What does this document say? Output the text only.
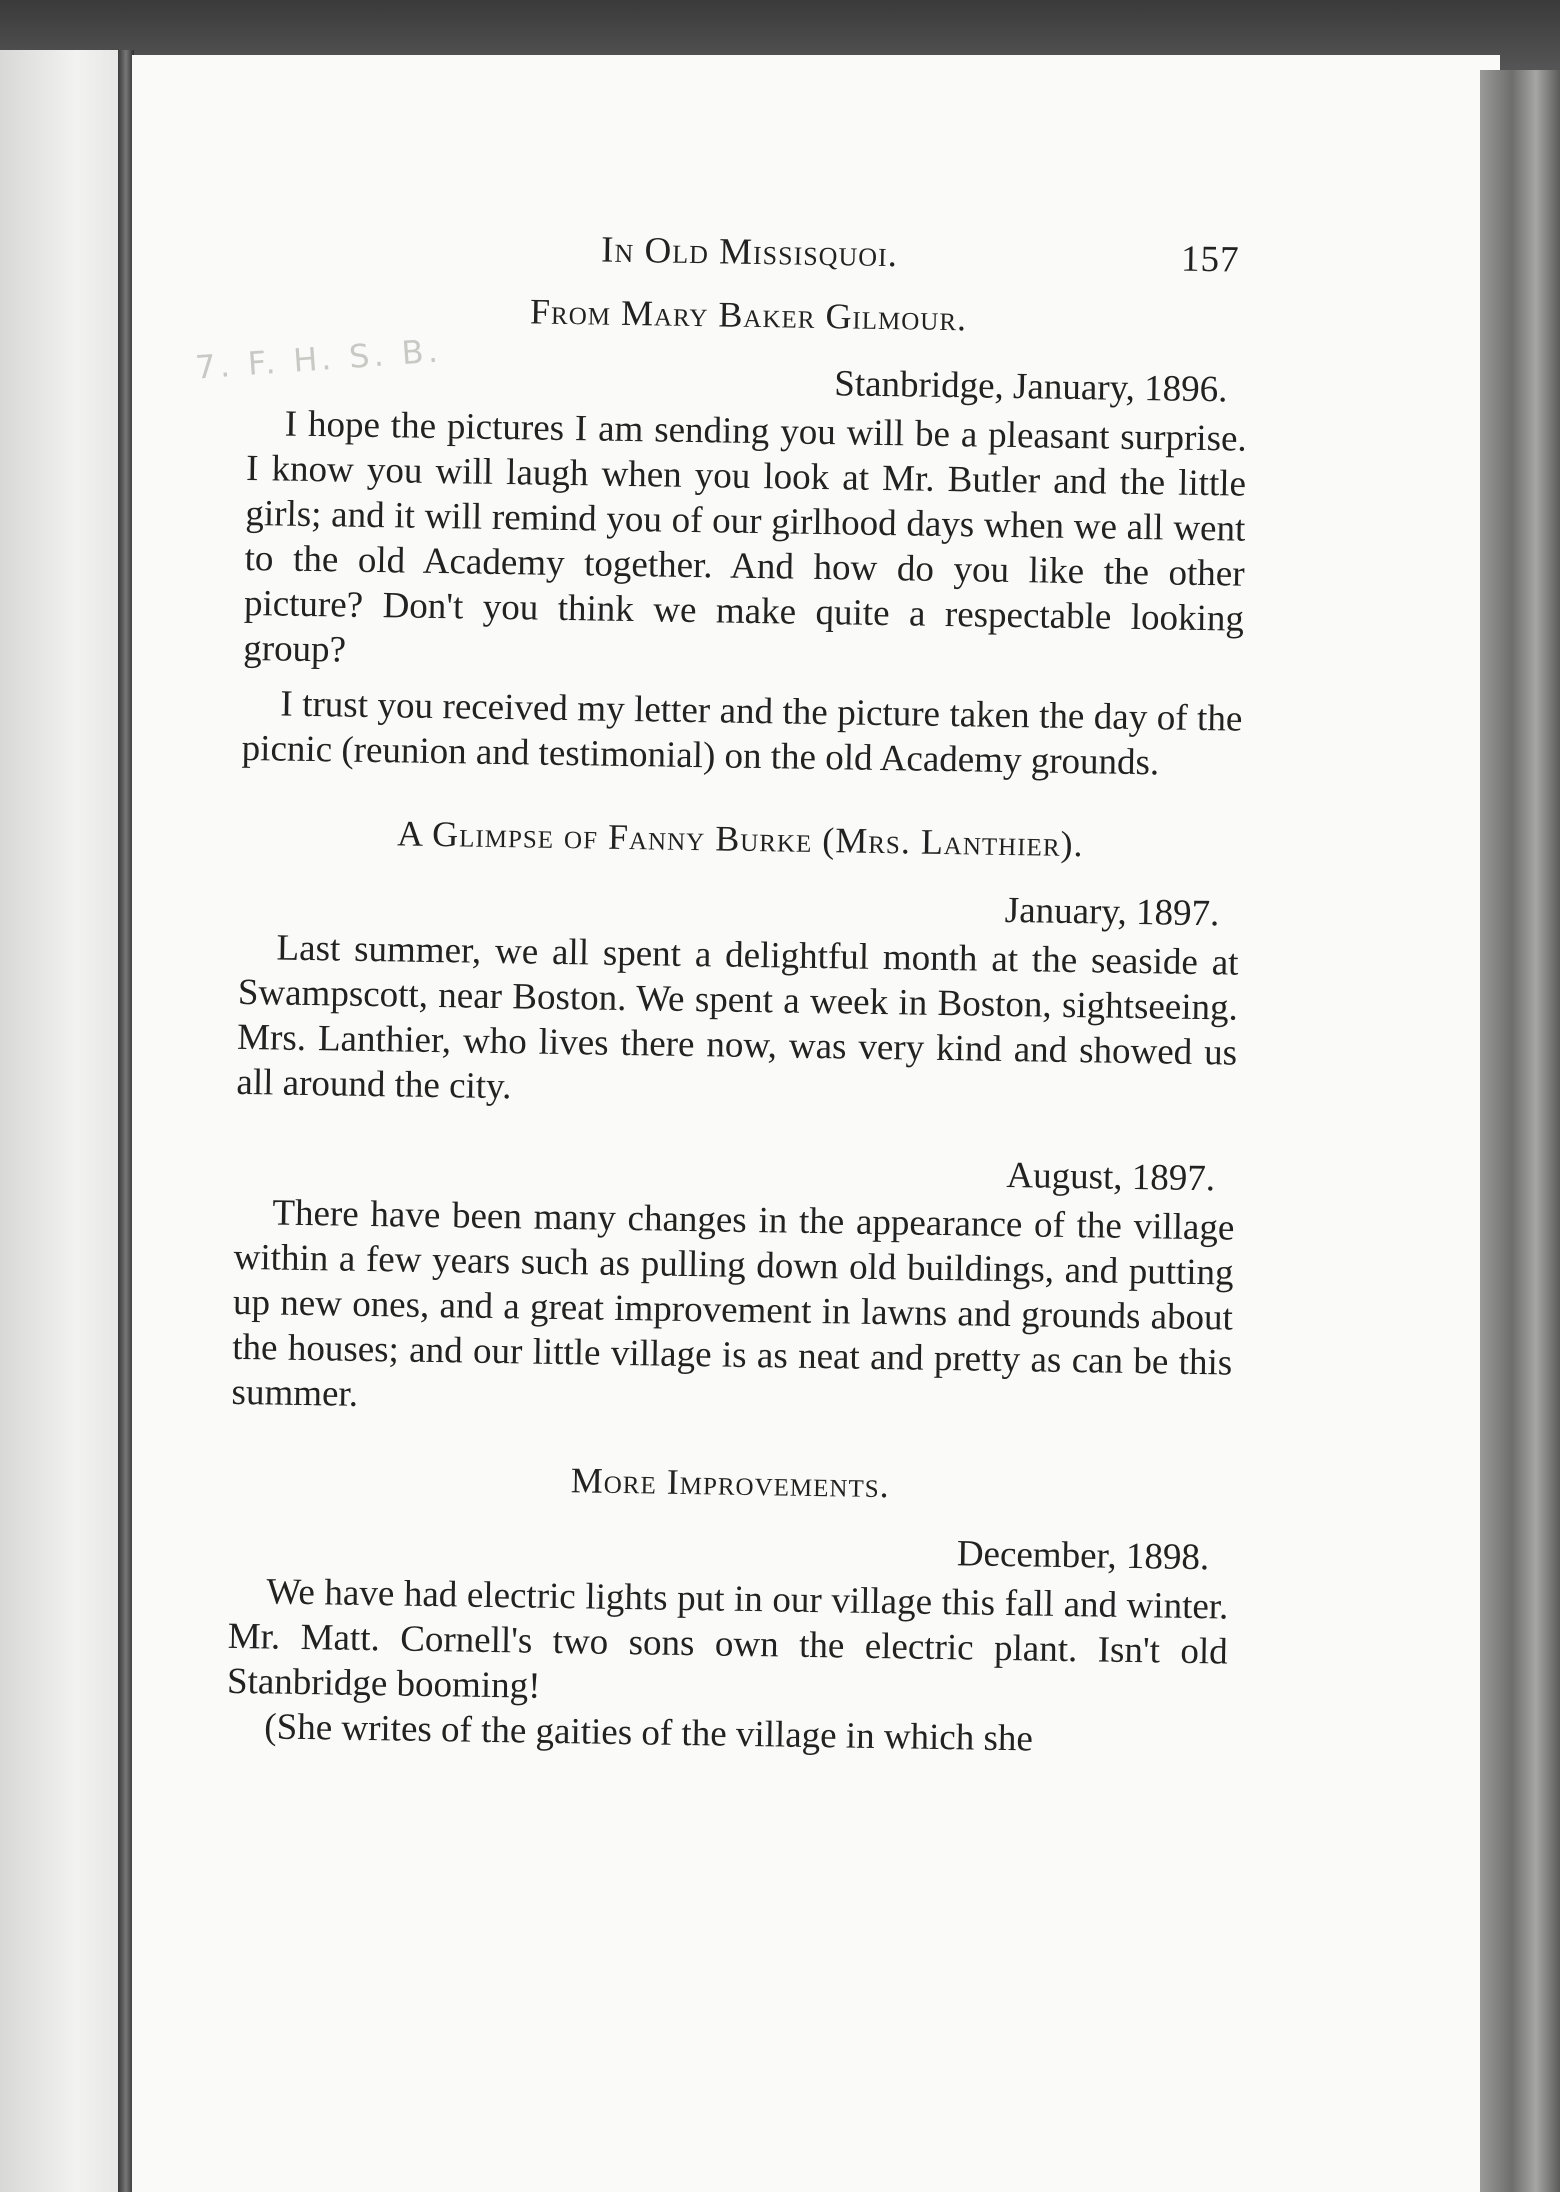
7. F. H. S. B.
In Old Missisquoi.	157
From Mary Baker Gilmour.
Stanbridge, January, 1896.

I hope the pictures I am sending you will be a pleasant surprise. I know you will laugh when you look at Mr. Butler and the little girls; and it will remind you of our girlhood days when we all went to the old Academy together. And how do you like the other picture? Don't you think we make quite a respectable looking group?

I trust you received my letter and the picture taken the day of the picnic (reunion and testimonial) on the old Academy grounds.

A Glimpse of Fanny Burke (Mrs. Lanthier).
January, 1897.

Last summer, we all spent a delightful month at the seaside at Swampscott, near Boston. We spent a week in Boston, sightseeing. Mrs. Lanthier, who lives there now, was very kind and showed us all around the city.

August, 1897.

There have been many changes in the appearance of the village within a few years such as pulling down old buildings, and putting up new ones, and a great improvement in lawns and grounds about the houses; and our little village is as neat and pretty as can be this summer.

More Improvements.
December, 1898.

We have had electric lights put in our village this fall and winter. Mr. Matt. Cornell's two sons own the electric plant. Isn't old Stanbridge booming!

(She writes of the gaities of the village in which she
